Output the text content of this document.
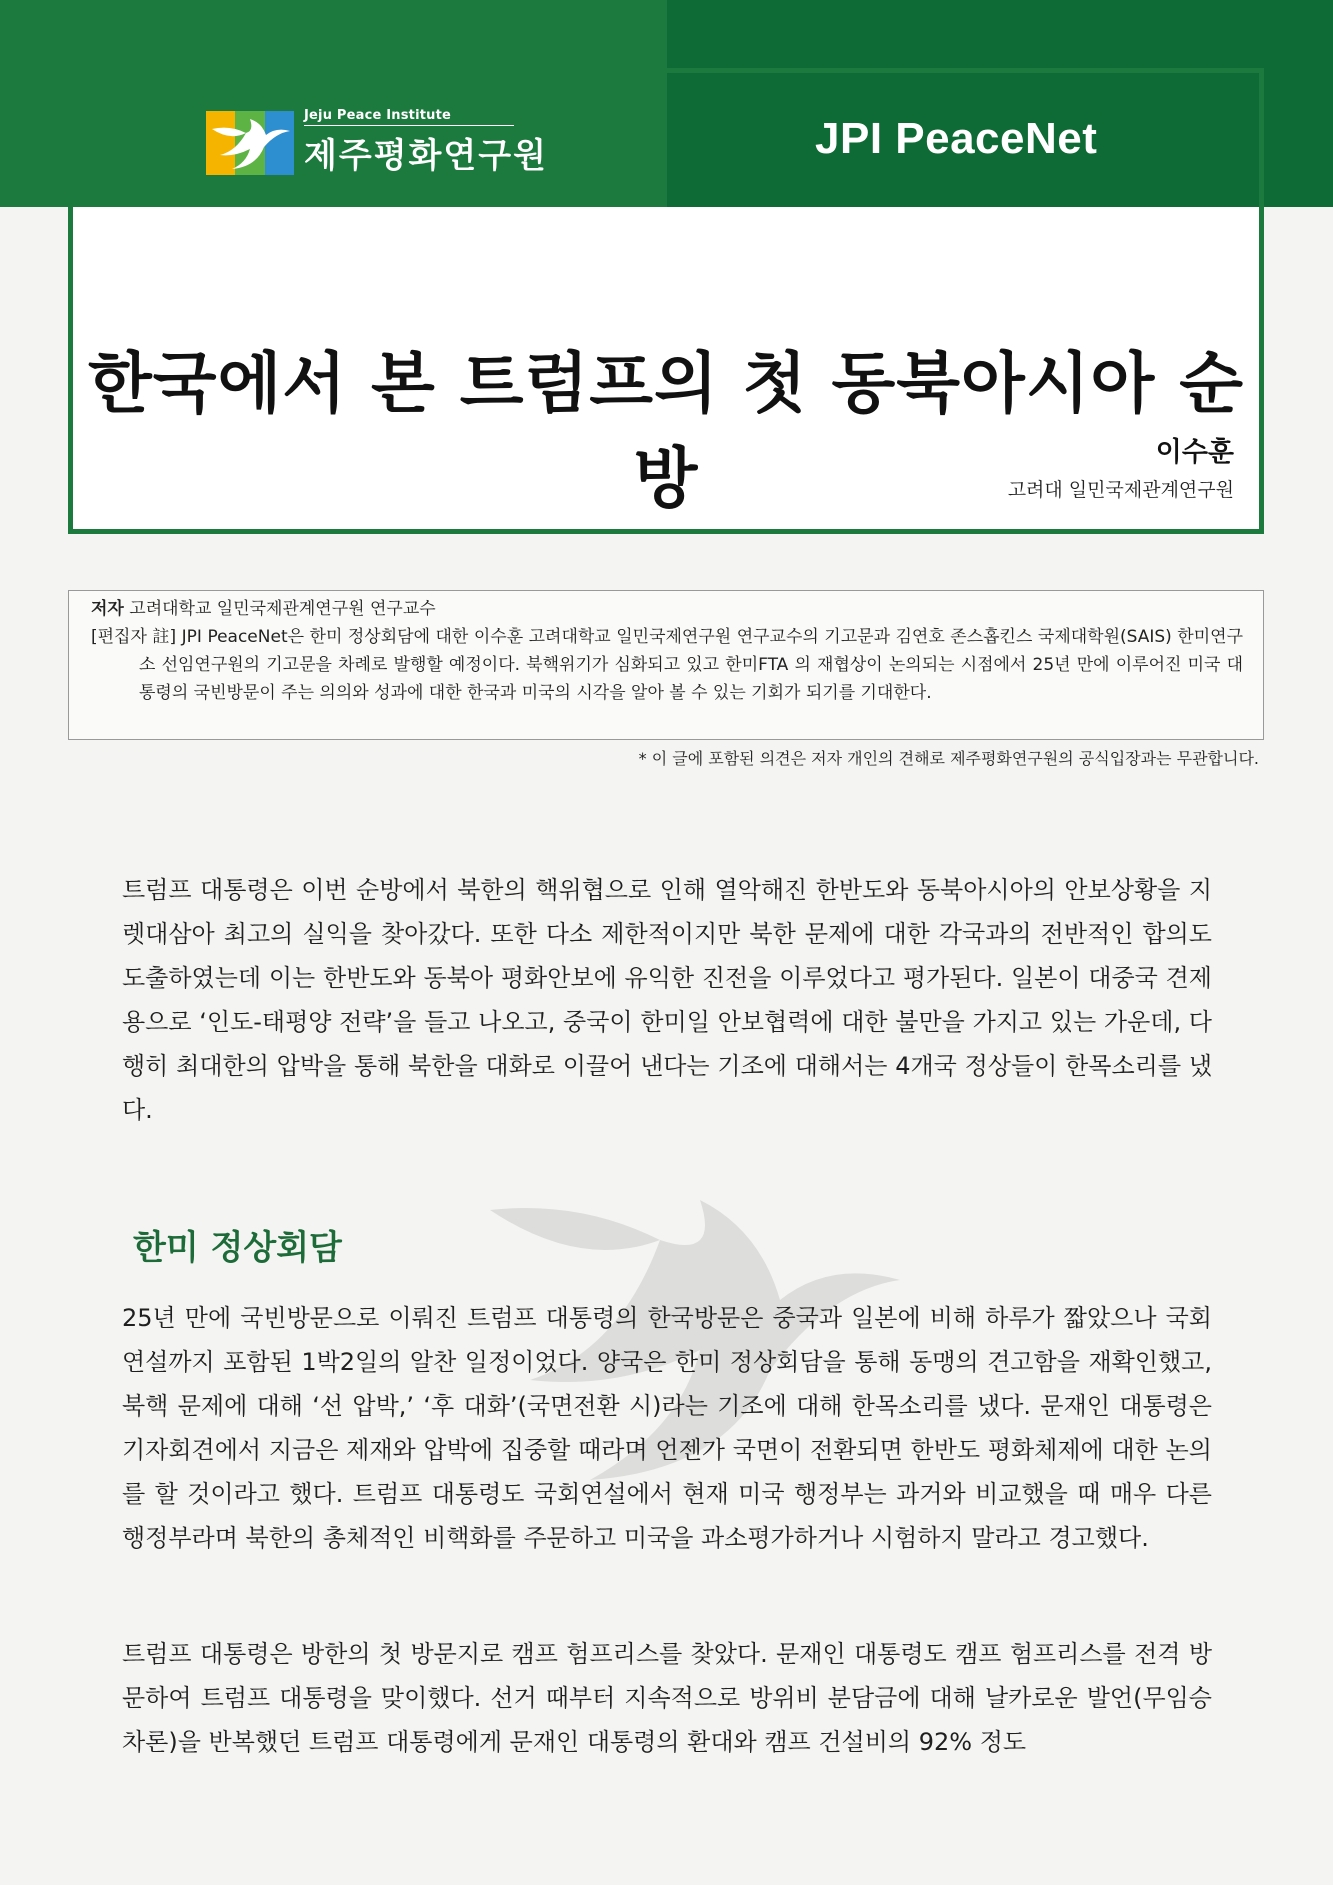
Jeju Peace Institute
제주평화연구원	JPI PeaceNet
한국에서 본 트럼프의 첫 동북아시아 순방	이수훈
고려대 일민국제관계연구원
저자 고려대학교 일민국제관계연구원 연구교수
[편집자 註] JPI PeaceNet은 한미 정상회담에 대한 이수훈 고려대학교 일민국제연구원 연구교수의 기고문과 김연호 존스홉킨스 국제대학원(SAIS) 한미연구소 선임연구원의 기고문을 차례로 발행할 예정이다. 북핵위기가 심화되고 있고 한미FTA 의 재협상이 논의되는 시점에서 25년 만에 이루어진 미국 대통령의 국빈방문이 주는 의의와 성과에 대한 한국과 미국의 시각을 알아 볼 수 있는 기회가 되기를 기대한다.
* 이 글에 포함된 의견은 저자 개인의 견해로 제주평화연구원의 공식입장과는 무관합니다.
트럼프 대통령은 이번 순방에서 북한의 핵위협으로 인해 열악해진 한반도와 동북아시아의 안보상황을 지렛대삼아 최고의 실익을 찾아갔다. 또한 다소 제한적이지만 북한 문제에 대한 각국과의 전반적인 합의도 도출하였는데 이는 한반도와 동북아 평화안보에 유익한 진전을 이루었다고 평가된다. 일본이 대중국 견제용으로 ‘인도-태평양 전략’을 들고 나오고, 중국이 한미일 안보협력에 대한 불만을 가지고 있는 가운데, 다행히 최대한의 압박을 통해 북한을 대화로 이끌어 낸다는 기조에 대해서는 4개국 정상들이 한목소리를 냈다.
한미 정상회담
25년 만에 국빈방문으로 이뤄진 트럼프 대통령의 한국방문은 중국과 일본에 비해 하루가 짧았으나 국회연설까지 포함된 1박2일의 알찬 일정이었다. 양국은 한미 정상회담을 통해 동맹의 견고함을 재확인했고, 북핵 문제에 대해 ‘선 압박,’ ‘후 대화’(국면전환 시)라는 기조에 대해 한목소리를 냈다. 문재인 대통령은 기자회견에서 지금은 제재와 압박에 집중할 때라며 언젠가 국면이 전환되면 한반도 평화체제에 대한 논의를 할 것이라고 했다. 트럼프 대통령도 국회연설에서 현재 미국 행정부는 과거와 비교했을 때 매우 다른 행정부라며 북한의 총체적인 비핵화를 주문하고 미국을 과소평가하거나 시험하지 말라고 경고했다.
트럼프 대통령은 방한의 첫 방문지로 캠프 험프리스를 찾았다. 문재인 대통령도 캠프 험프리스를 전격 방문하여 트럼프 대통령을 맞이했다. 선거 때부터 지속적으로 방위비 분담금에 대해 날카로운 발언(무임승차론)을 반복했던 트럼프 대통령에게 문재인 대통령의 환대와 캠프 건설비의 92% 정도
